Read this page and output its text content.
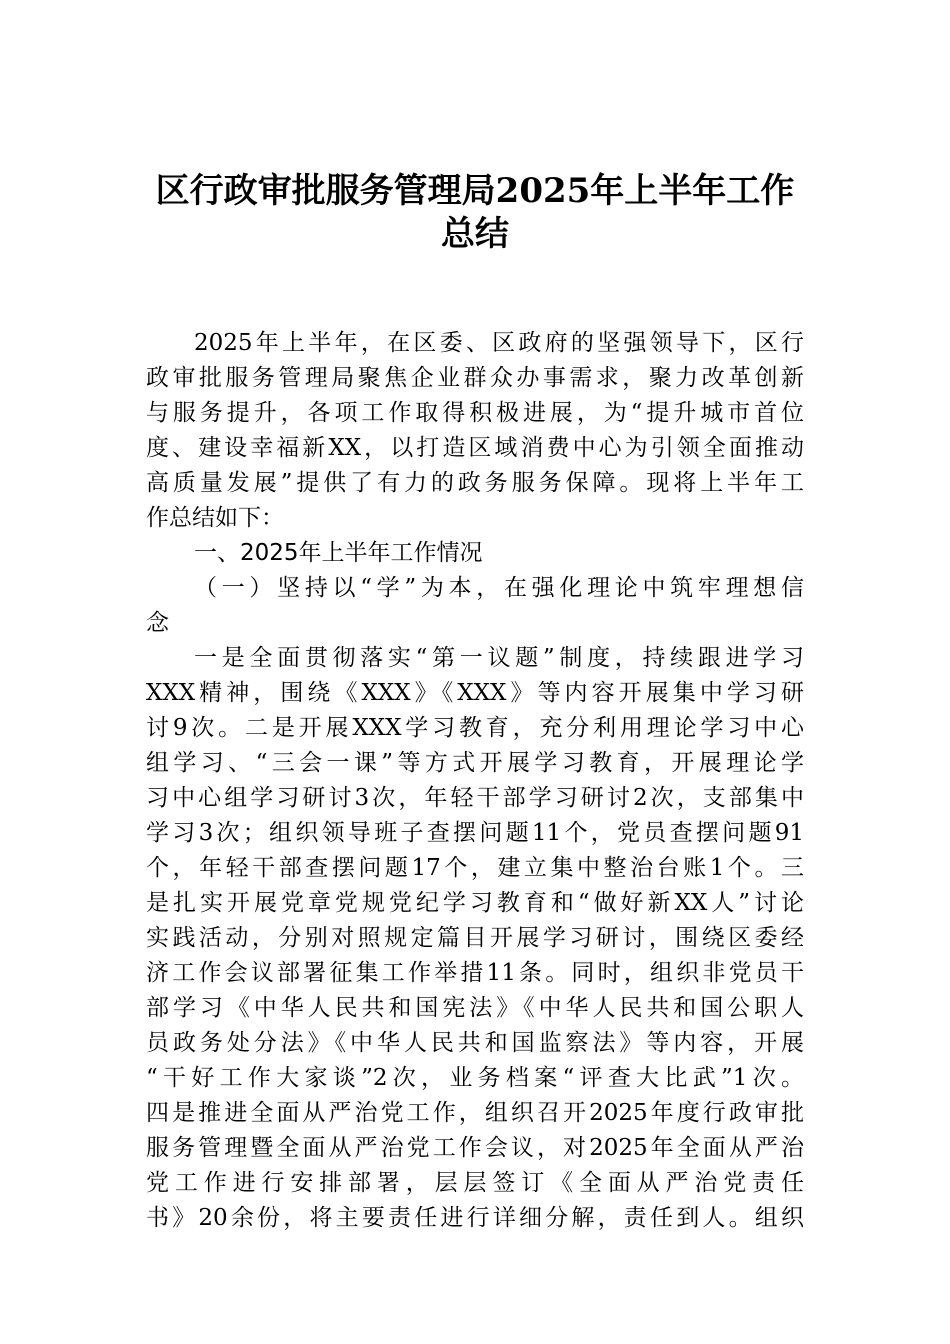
区行政审批服务管理局2025年上半年工作
总结

2025年上半年，在区委、区政府的坚强领导下，区行

政审批服务管理局聚焦企业群众办事需求，聚力改革创新

与服务提升，各项工作取得积极进展，为“提升城市首位

度、建设幸福新XX，以打造区域消费中心为引领全面推动

高质量发展”提供了有力的政务服务保障。现将上半年工

作总结如下：

一、2025年上半年工作情况

（一）坚持以“学”为本，在强化理论中筑牢理想信

念

一是全面贯彻落实“第一议题”制度，持续跟进学习

XXX精神，围绕《XXX》《XXX》等内容开展集中学习研

讨9次。二是开展XXX学习教育，充分利用理论学习中心

组学习、“三会一课”等方式开展学习教育，开展理论学

习中心组学习研讨3次，年轻干部学习研讨2次，支部集中

学习3次；组织领导班子查摆问题11个，党员查摆问题91

个，年轻干部查摆问题17个，建立集中整治台账1个。三

是扎实开展党章党规党纪学习教育和“做好新XX人”讨论

实践活动，分别对照规定篇目开展学习研讨，围绕区委经

济工作会议部署征集工作举措11条。同时，组织非党员干

部学习《中华人民共和国宪法》《中华人民共和国公职人

员政务处分法》《中华人民共和国监察法》等内容，开展

“干好工作大家谈”2次，业务档案“评查大比武”1次。

四是推进全面从严治党工作，组织召开2025年度行政审批

服务管理暨全面从严治党工作会议，对2025年全面从严治

党工作进行安排部署，层层签订《全面从严治党责任

书》20余份，将主要责任进行详细分解，责任到人。组织
